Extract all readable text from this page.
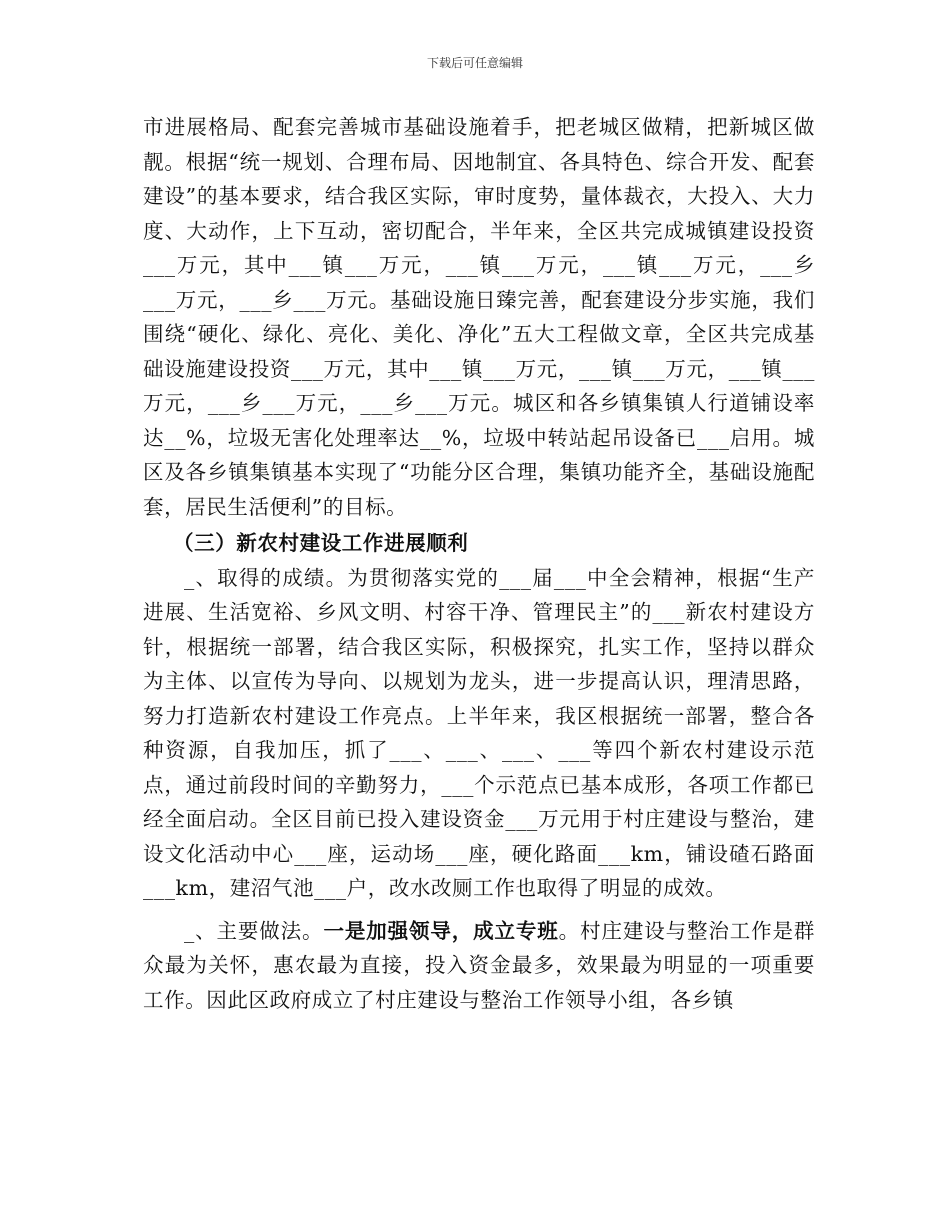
下载后可任意编辑

市进展格局、配套完善城市基础设施着手，把老城区做精，把新城区做靓。根据“统一规划、合理布局、因地制宜、各具特色、综合开发、配套建设”的基本要求，结合我区实际，审时度势，量体裁衣，大投入、大力度、大动作，上下互动，密切配合，半年来，全区共完成城镇建设投资___万元，其中___镇___万元，___镇___万元，___镇___万元，___乡___万元，___乡___万元。基础设施日臻完善，配套建设分步实施，我们围绕“硬化、绿化、亮化、美化、净化”五大工程做文章，全区共完成基础设施建设投资___万元，其中___镇___万元，___镇___万元，___镇___万元，___乡___万元，___乡___万元。城区和各乡镇集镇人行道铺设率达__%，垃圾无害化处理率达__%，垃圾中转站起吊设备已___启用。城区及各乡镇集镇基本实现了“功能分区合理，集镇功能齐全，基础设施配套，居民生活便利”的目标。

（三）新农村建设工作进展顺利

_、取得的成绩。为贯彻落实党的___届___中全会精神，根据“生产进展、生活宽裕、乡风文明、村容干净、管理民主”的___新农村建设方针，根据统一部署，结合我区实际，积极探究，扎实工作，坚持以群众为主体、以宣传为导向、以规划为龙头，进一步提高认识，理清思路，努力打造新农村建设工作亮点。上半年来，我区根据统一部署，整合各种资源，自我加压，抓了___、___、___、___等四个新农村建设示范点，通过前段时间的辛勤努力，___个示范点已基本成形，各项工作都已经全面启动。全区目前已投入建设资金___万元用于村庄建设与整治，建设文化活动中心___座，运动场___座，硬化路面___km，铺设碴石路面___km，建沼气池___户，改水改厕工作也取得了明显的成效。

_、主要做法。一是加强领导，成立专班。村庄建设与整治工作是群众最为关怀，惠农最为直接，投入资金最多，效果最为明显的一项重要工作。因此区政府成立了村庄建设与整治工作领导小组，各乡镇
